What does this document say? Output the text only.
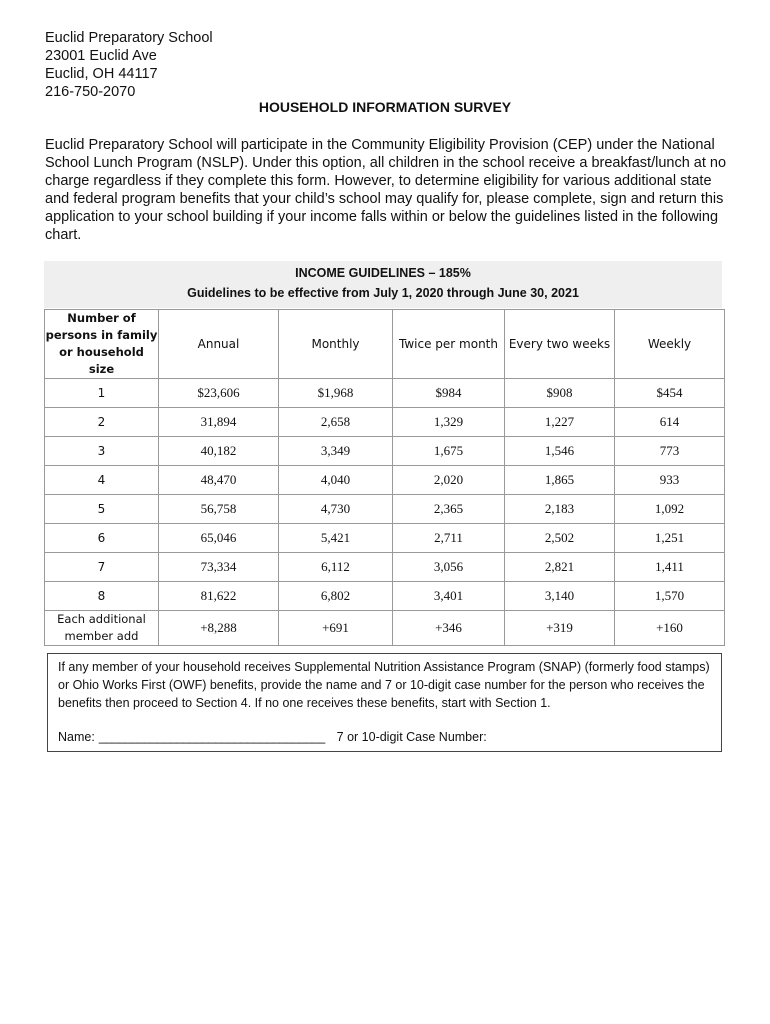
Euclid Preparatory School
23001 Euclid Ave
Euclid, OH 44117
216-750-2070
HOUSEHOLD INFORMATION SURVEY
Euclid Preparatory School will participate in the Community Eligibility Provision (CEP) under the National School Lunch Program (NSLP). Under this option, all children in the school receive a breakfast/lunch at no charge regardless if they complete this form. However, to determine eligibility for various additional state and federal program benefits that your child’s school may qualify for, please complete, sign and return this application to your school building if your income falls within or below the guidelines listed in the following chart.
INCOME GUIDELINES – 185%
Guidelines to be effective from July 1, 2020 through June 30, 2021
Number of persons in family or household size	Annual	Monthly	Twice per month	Every two weeks	Weekly
1	$23,606	$1,968	$984	$908	$454
2	31,894	2,658	1,329	1,227	614
3	40,182	3,349	1,675	1,546	773
4	48,470	4,040	2,020	1,865	933
5	56,758	4,730	2,365	2,183	1,092
6	65,046	5,421	2,711	2,502	1,251
7	73,334	6,112	3,056	2,821	1,411
8	81,622	6,802	3,401	3,140	1,570
Each additional member add	+8,288	+691	+346	+319	+160
If any member of your household receives Supplemental Nutrition Assistance Program (SNAP) (formerly food stamps) or Ohio Works First (OWF) benefits, provide the name and 7 or 10-digit case number for the person who receives the benefits then proceed to Section 4. If no one receives these benefits, start with Section 1.
Name: ___________________________________ 7 or 10-digit Case Number:
